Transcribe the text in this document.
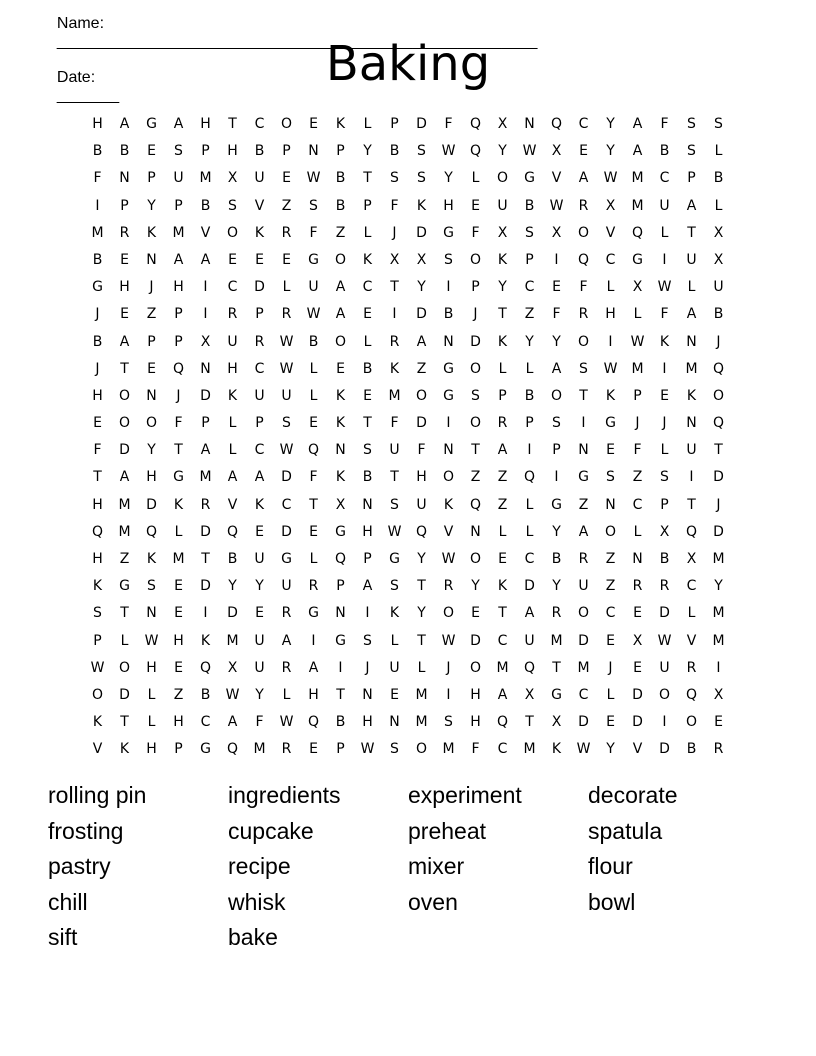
Name:
______________________________________________________

Date:
_______

Baking
H	A	G	A	H	T	C	O	E	K	L	P	D	F	Q	X	N	Q	C	Y	A	F	S	S
B	B	E	S	P	H	B	P	N	P	Y	B	S	W	Q	Y	W	X	E	Y	A	B	S	L
F	N	P	U	M	X	U	E	W	B	T	S	S	Y	L	O	G	V	A	W	M	C	P	B
I	P	Y	P	B	S	V	Z	S	B	P	F	K	H	E	U	B	W	R	X	M	U	A	L
M	R	K	M	V	O	K	R	F	Z	L	J	D	G	F	X	S	X	O	V	Q	L	T	X
B	E	N	A	A	E	E	E	G	O	K	X	X	S	O	K	P	I	Q	C	G	I	U	X
G	H	J	H	I	C	D	L	U	A	C	T	Y	I	P	Y	C	E	F	L	X	W	L	U
J	E	Z	P	I	R	P	R	W	A	E	I	D	B	J	T	Z	F	R	H	L	F	A	B
B	A	P	P	X	U	R	W	B	O	L	R	A	N	D	K	Y	Y	O	I	W	K	N	J
J	T	E	Q	N	H	C	W	L	E	B	K	Z	G	O	L	L	A	S	W	M	I	M	Q
H	O	N	J	D	K	U	U	L	K	E	M	O	G	S	P	B	O	T	K	P	E	K	O
E	O	O	F	P	L	P	S	E	K	T	F	D	I	O	R	P	S	I	G	J	J	N	Q
F	D	Y	T	A	L	C	W	Q	N	S	U	F	N	T	A	I	P	N	E	F	L	U	T
T	A	H	G	M	A	A	D	F	K	B	T	H	O	Z	Z	Q	I	G	S	Z	S	I	D
H	M	D	K	R	V	K	C	T	X	N	S	U	K	Q	Z	L	G	Z	N	C	P	T	J
Q	M	Q	L	D	Q	E	D	E	G	H	W	Q	V	N	L	L	Y	A	O	L	X	Q	D
H	Z	K	M	T	B	U	G	L	Q	P	G	Y	W	O	E	C	B	R	Z	N	B	X	M
K	G	S	E	D	Y	Y	U	R	P	A	S	T	R	Y	K	D	Y	U	Z	R	R	C	Y
S	T	N	E	I	D	E	R	G	N	I	K	Y	O	E	T	A	R	O	C	E	D	L	M
P	L	W	H	K	M	U	A	I	G	S	L	T	W	D	C	U	M	D	E	X	W	V	M
W	O	H	E	Q	X	U	R	A	I	J	U	L	J	O	M	Q	T	M	J	E	U	R	I
O	D	L	Z	B	W	Y	L	H	T	N	E	M	I	H	A	X	G	C	L	D	O	Q	X
K	T	L	H	C	A	F	W	Q	B	H	N	M	S	H	Q	T	X	D	E	D	I	O	E
V	K	H	P	G	Q	M	R	E	P	W	S	O	M	F	C	M	K	W	Y	V	D	B	R
rolling pin	ingredients	experiment	decorate
frosting	cupcake	preheat	spatula
pastry	recipe	mixer	flour
chill	whisk	oven	bowl
sift	bake
